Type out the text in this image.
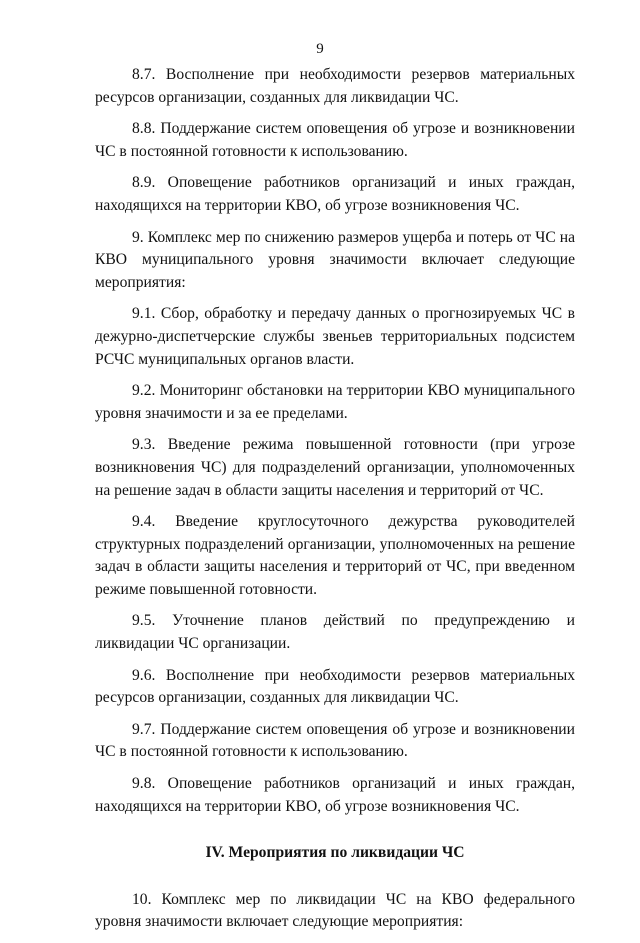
9

8.7. Восполнение при необходимости резервов материальных ресурсов организации, созданных для ликвидации ЧС.

8.8. Поддержание систем оповещения об угрозе и возникновении ЧС в постоянной готовности к использованию.

8.9. Оповещение работников организаций и иных граждан, находящихся на территории КВО, об угрозе возникновения ЧС.

9. Комплекс мер по снижению размеров ущерба и потерь от ЧС на КВО муниципального уровня значимости включает следующие мероприятия:

9.1. Сбор, обработку и передачу данных о прогнозируемых ЧС в дежурно-диспетчерские службы звеньев территориальных подсистем РСЧС муниципальных органов власти.

9.2. Мониторинг обстановки на территории КВО муниципального уровня значимости и за ее пределами.

9.3. Введение режима повышенной готовности (при угрозе возникновения ЧС) для подразделений организации, уполномоченных на решение задач в области защиты населения и территорий от ЧС.

9.4. Введение круглосуточного дежурства руководителей структурных подразделений организации, уполномоченных на решение задач в области защиты населения и территорий от ЧС, при введенном режиме повышенной готовности.

9.5. Уточнение планов действий по предупреждению и ликвидации ЧС организации.

9.6. Восполнение при необходимости резервов материальных ресурсов организации, созданных для ликвидации ЧС.

9.7. Поддержание систем оповещения об угрозе и возникновении ЧС в постоянной готовности к использованию.

9.8. Оповещение работников организаций и иных граждан, находящихся на территории КВО, об угрозе возникновения ЧС.

IV. Мероприятия по ликвидации ЧС

10. Комплекс мер по ликвидации ЧС на КВО федерального уровня значимости включает следующие мероприятия:
